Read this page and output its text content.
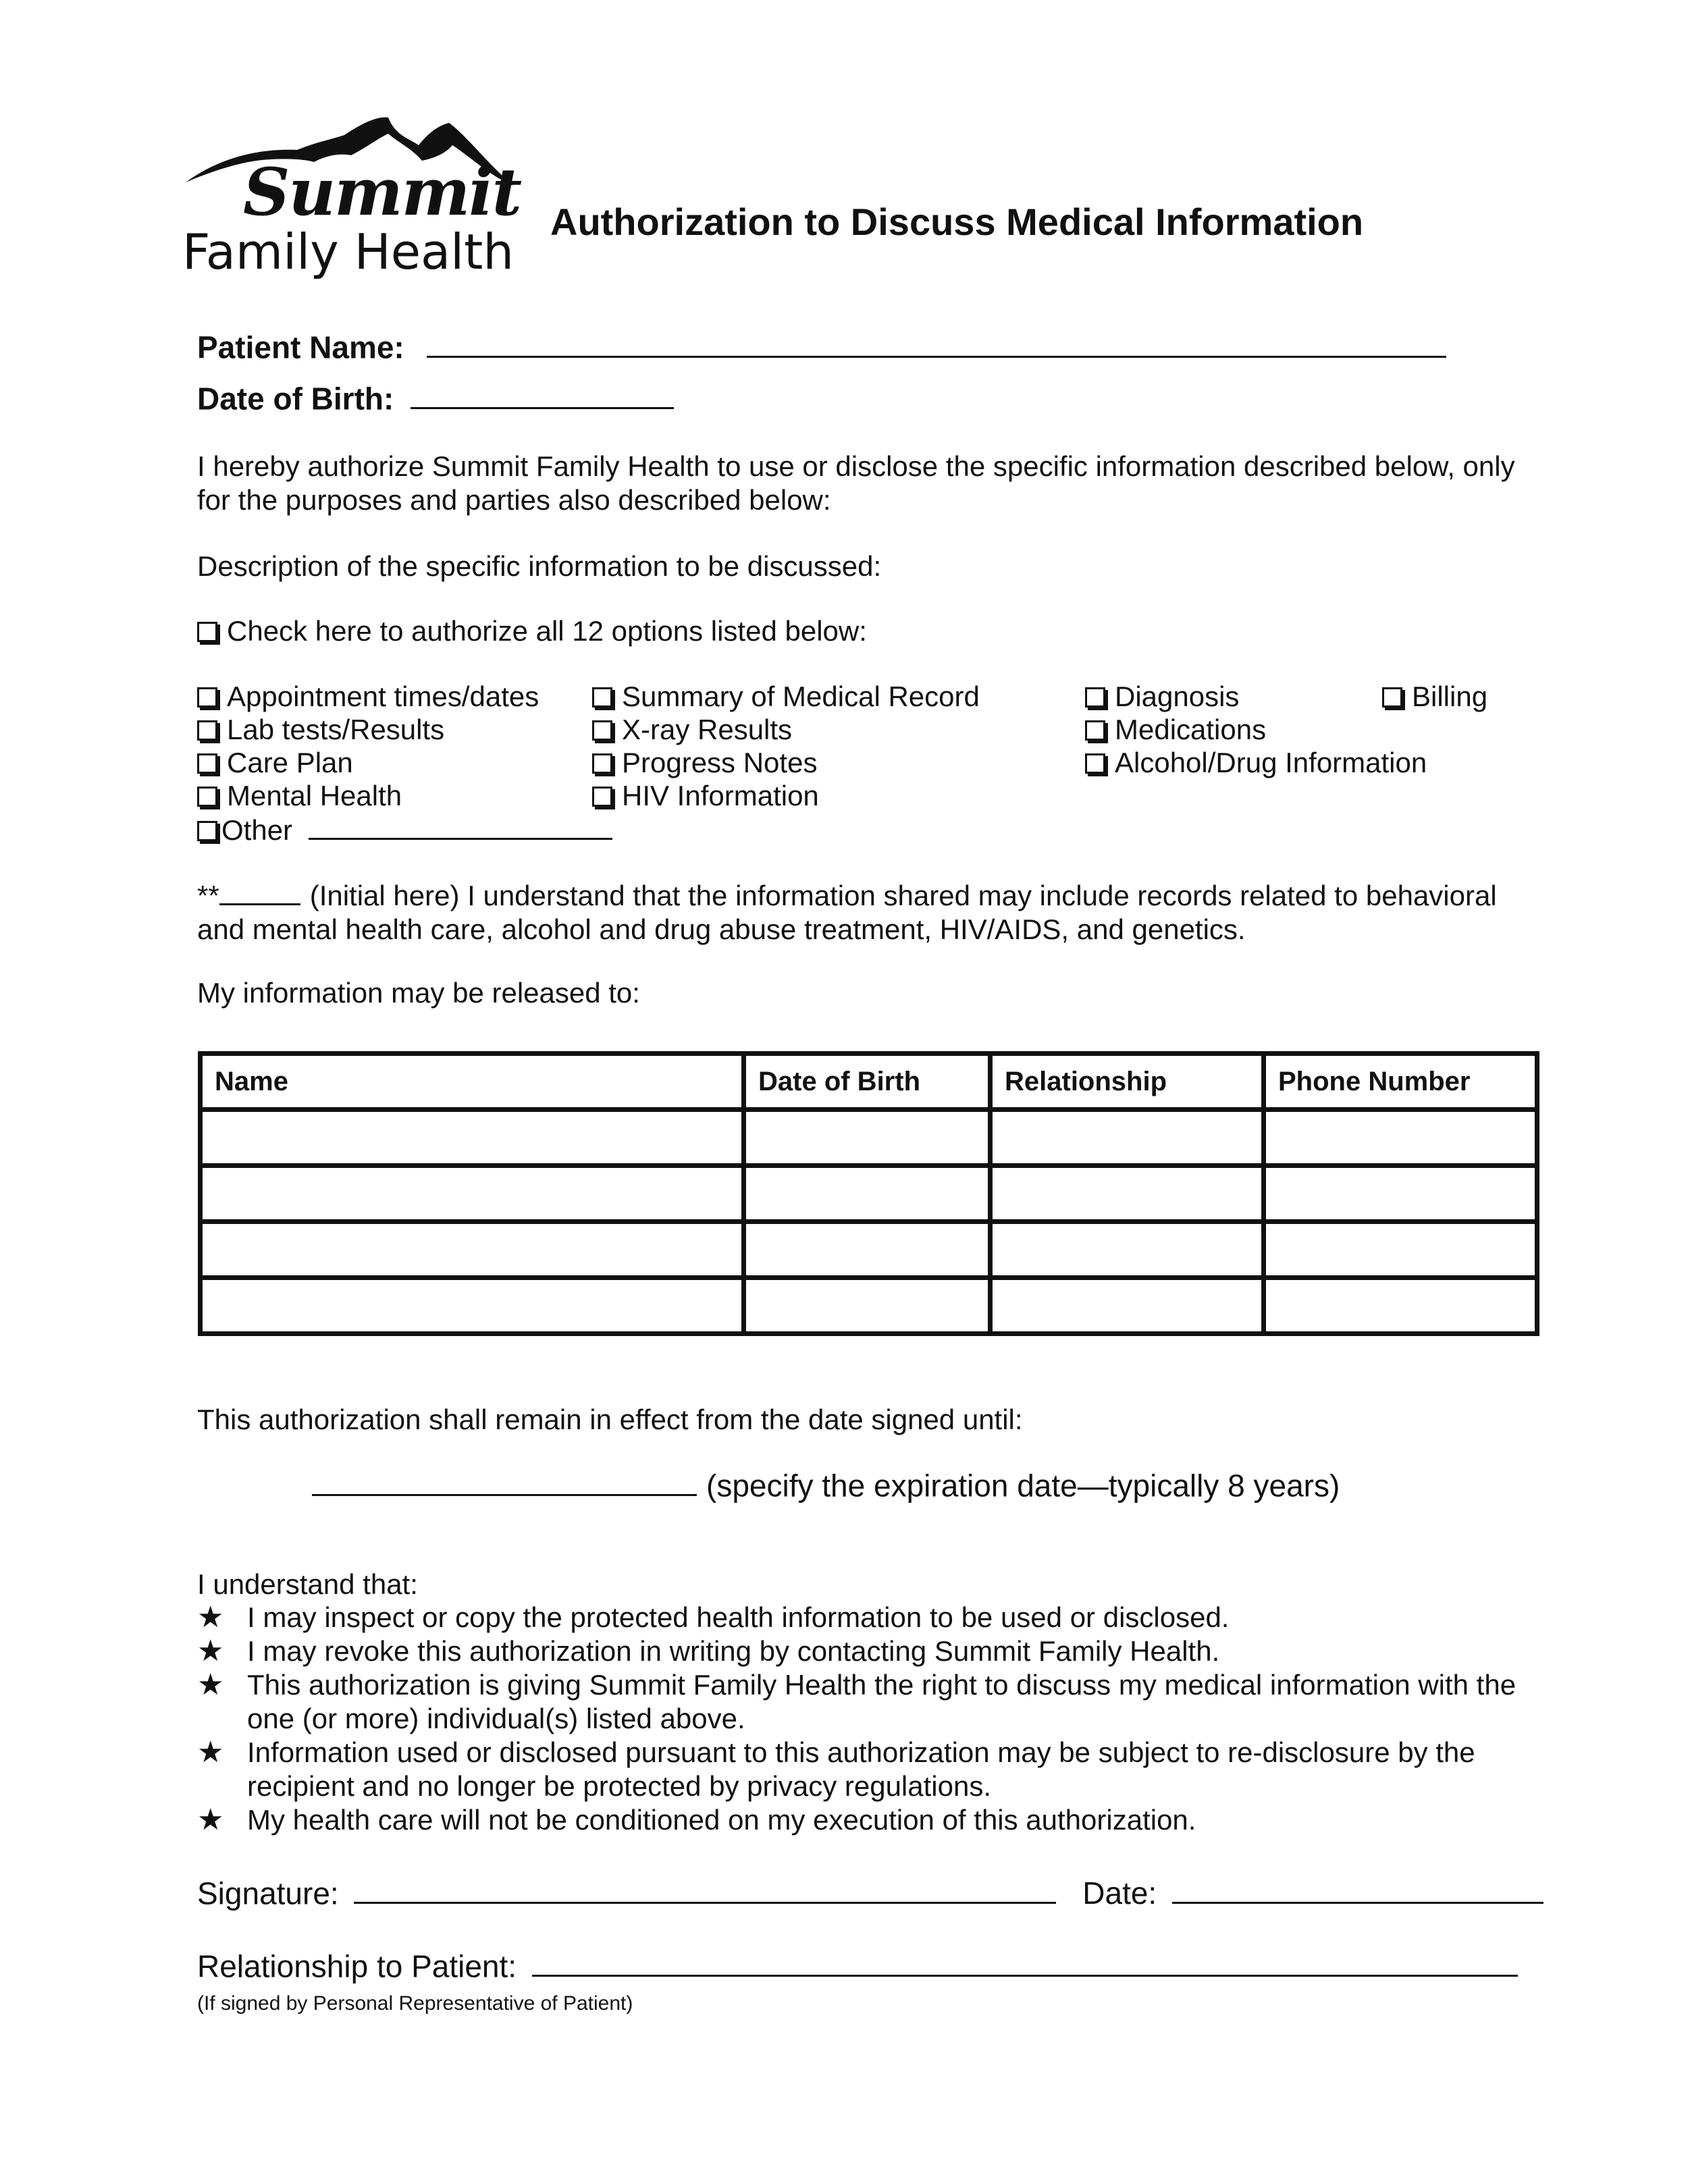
Summit
Family Health
Authorization to Discuss Medical Information
Patient Name:
Date of Birth:
I hereby authorize Summit Family Health to use or disclose the specific information described below, only for the purposes and parties also described below:
Description of the specific information to be discussed:
Check here to authorize all 12 options listed below:
Appointment times/dates
Lab tests/Results
Care Plan
Mental Health
Other
Summary of Medical Record
X-ray Results
Progress Notes
HIV Information
Diagnosis
Medications
Alcohol/Drug Information
Billing
**	(Initial here) I understand that the information shared may include records related to behavioral and mental health care, alcohol and drug abuse treatment, HIV/AIDS, and genetics.
My information may be released to:
Name	Date of Birth	Relationship	Phone Number

This authorization shall remain in effect from the date signed until:
(specify the expiration date—typically 8 years)
I understand that:
★ I may inspect or copy the protected health information to be used or disclosed.
★ I may revoke this authorization in writing by contacting Summit Family Health.
★ This authorization is giving Summit Family Health the right to discuss my medical information with the one (or more) individual(s) listed above.
★ Information used or disclosed pursuant to this authorization may be subject to re-disclosure by the recipient and no longer be protected by privacy regulations.
★ My health care will not be conditioned on my execution of this authorization.
Signature:	Date:
Relationship to Patient:
(If signed by Personal Representative of Patient)
